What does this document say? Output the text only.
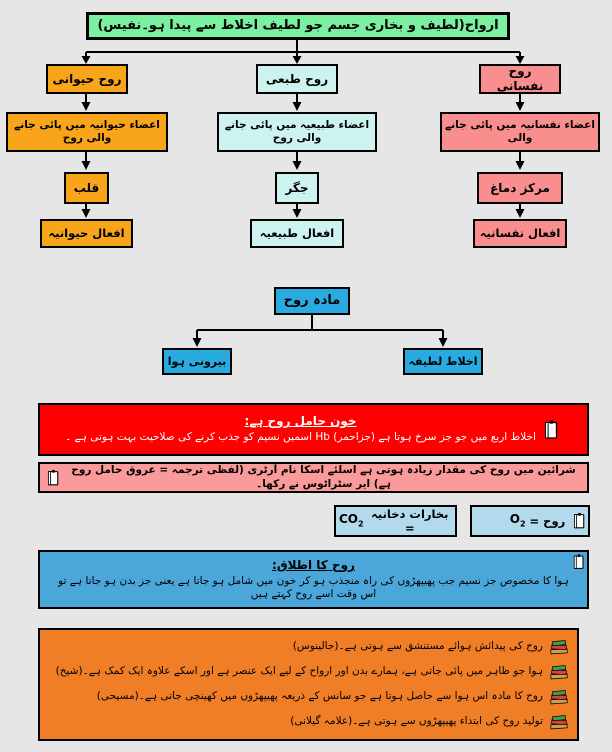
ارواح(لطیف و بخاری جسم جو لطیف اخلاط سے پیدا ہو۔نفیس)
روح حیوانی	روح طبعی
روح نفسانی
اعضاء حیوانیہ میں پائی جانے والی روح
اعضاء طبیعیہ میں پائی جانے والی روح
اعضاء نفسانیہ میں پائی جانے والی
قلب	جگر	مرکز دماغ
افعال حیوانیہ	افعال طبیعیہ	افعال نفسانیہ
مادہ روح
بیرونی ہوا	اخلاط لطیفہ
خون حامل روح ہے:
اخلاط اربع میں جو جز سرخ ہوتا ہے (جزاحمر) Hb اسمیں نسیم کو جذب کرنے کی صلاحیت بہت ہوتی ہے ۔
شرائین میں روح کی مقدار زیادہ ہوتی ہے اسلئے اسکا نام آرٹری (لفظی ترجمہ = عروق حامل روح ہے) ایر سٹراٹوس نے رکھا۔
بخارات دخانیہ =
$CO_2$	روح =
$O_2$
روح کا اطلاق:
ہوا کا مخصوص جز نسیم جب پھیپھڑوں کی راہ منجذب ہو کر خون میں شامل ہو جاتا ہے یعنی جز بدن ہو جاتا ہے تو اس وقت اسے روح کہتے ہیں
روح کی پیدائش ہوائے مستنشق سے ہوتی ہے۔(جالینوس)
ہوا جو ظاہر میں پائی جاتی ہے، ہمارے بدن اور ارواح کے لیے ایک عنصر ہے اور اسکے علاوہ ایک کمک ہے۔(شیخ)
روح کا مادہ اس ہوا سے حاصل ہوتا ہے جو سانس کے ذریعہ پھیپھڑوں میں کھینچی جاتی ہے۔(مسیحی)
تولید روح کی ابتداء پھیپھڑوں سے ہوتی ہے۔(علامہ گیلانی)
